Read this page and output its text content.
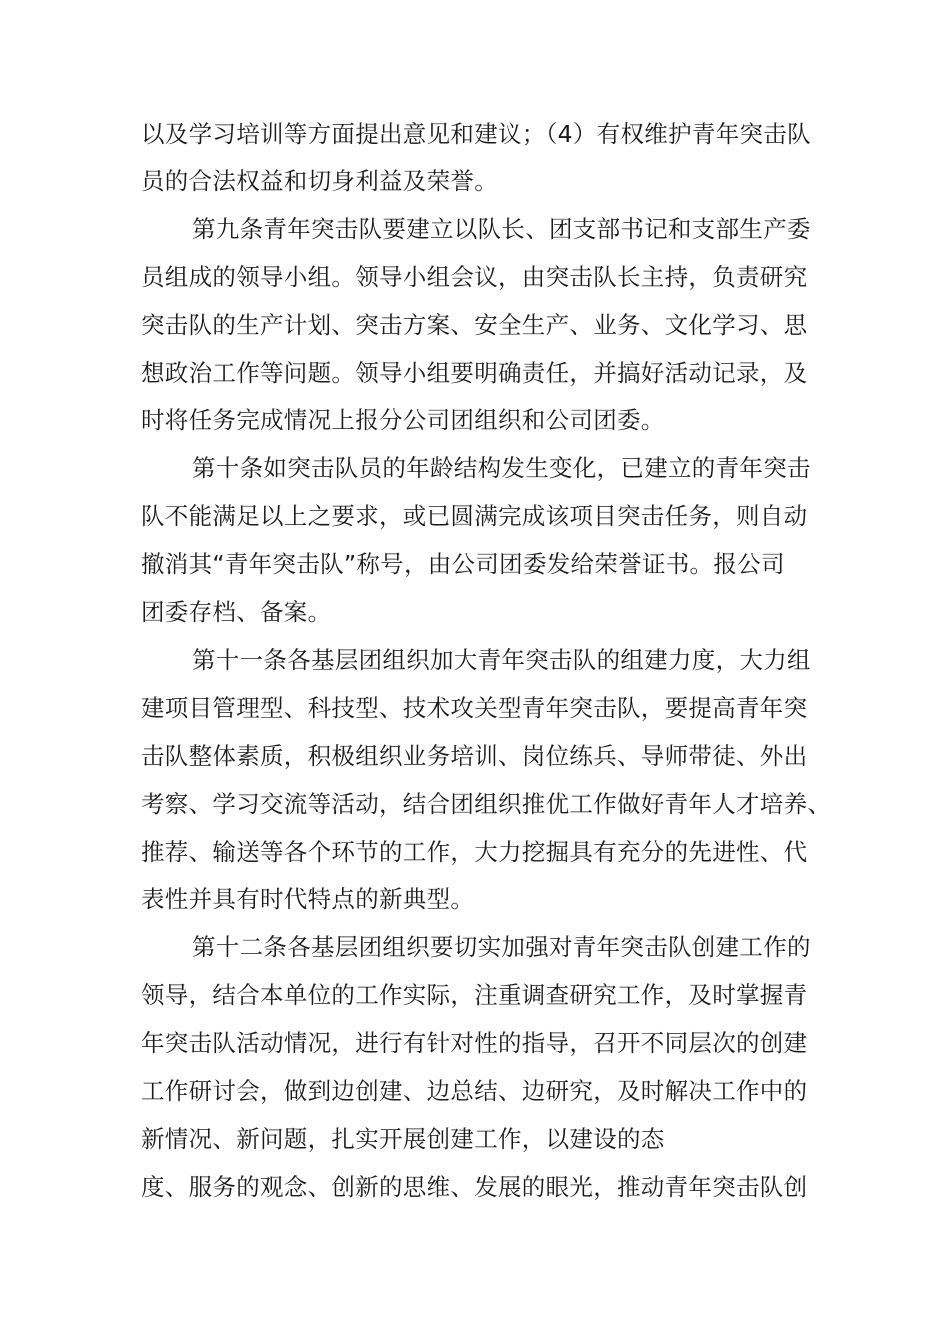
以及学习培训等方面提出意见和建议；（4）有权维护青年突击队
员的合法权益和切身利益及荣誉。
第九条青年突击队要建立以队长、团支部书记和支部生产委
员组成的领导小组。领导小组会议，由突击队长主持，负责研究
突击队的生产计划、突击方案、安全生产、业务、文化学习、思
想政治工作等问题。领导小组要明确责任，并搞好活动记录，及
时将任务完成情况上报分公司团组织和公司团委。
第十条如突击队员的年龄结构发生变化，已建立的青年突击
队不能满足以上之要求，或已圆满完成该项目突击任务，则自动
撤消其“青年突击队”称号，由公司团委发给荣誉证书。报公司
团委存档、备案。
第十一条各基层团组织加大青年突击队的组建力度，大力组
建项目管理型、科技型、技术攻关型青年突击队，要提高青年突
击队整体素质，积极组织业务培训、岗位练兵、导师带徒、外出
考察、学习交流等活动，结合团组织推优工作做好青年人才培养、
推荐、输送等各个环节的工作，大力挖掘具有充分的先进性、代
表性并具有时代特点的新典型。
第十二条各基层团组织要切实加强对青年突击队创建工作的
领导，结合本单位的工作实际，注重调查研究工作，及时掌握青
年突击队活动情况，进行有针对性的指导，召开不同层次的创建
工作研讨会，做到边创建、边总结、边研究，及时解决工作中的
新情况、新问题，扎实开展创建工作，以建设的态
度、服务的观念、创新的思维、发展的眼光，推动青年突击队创
